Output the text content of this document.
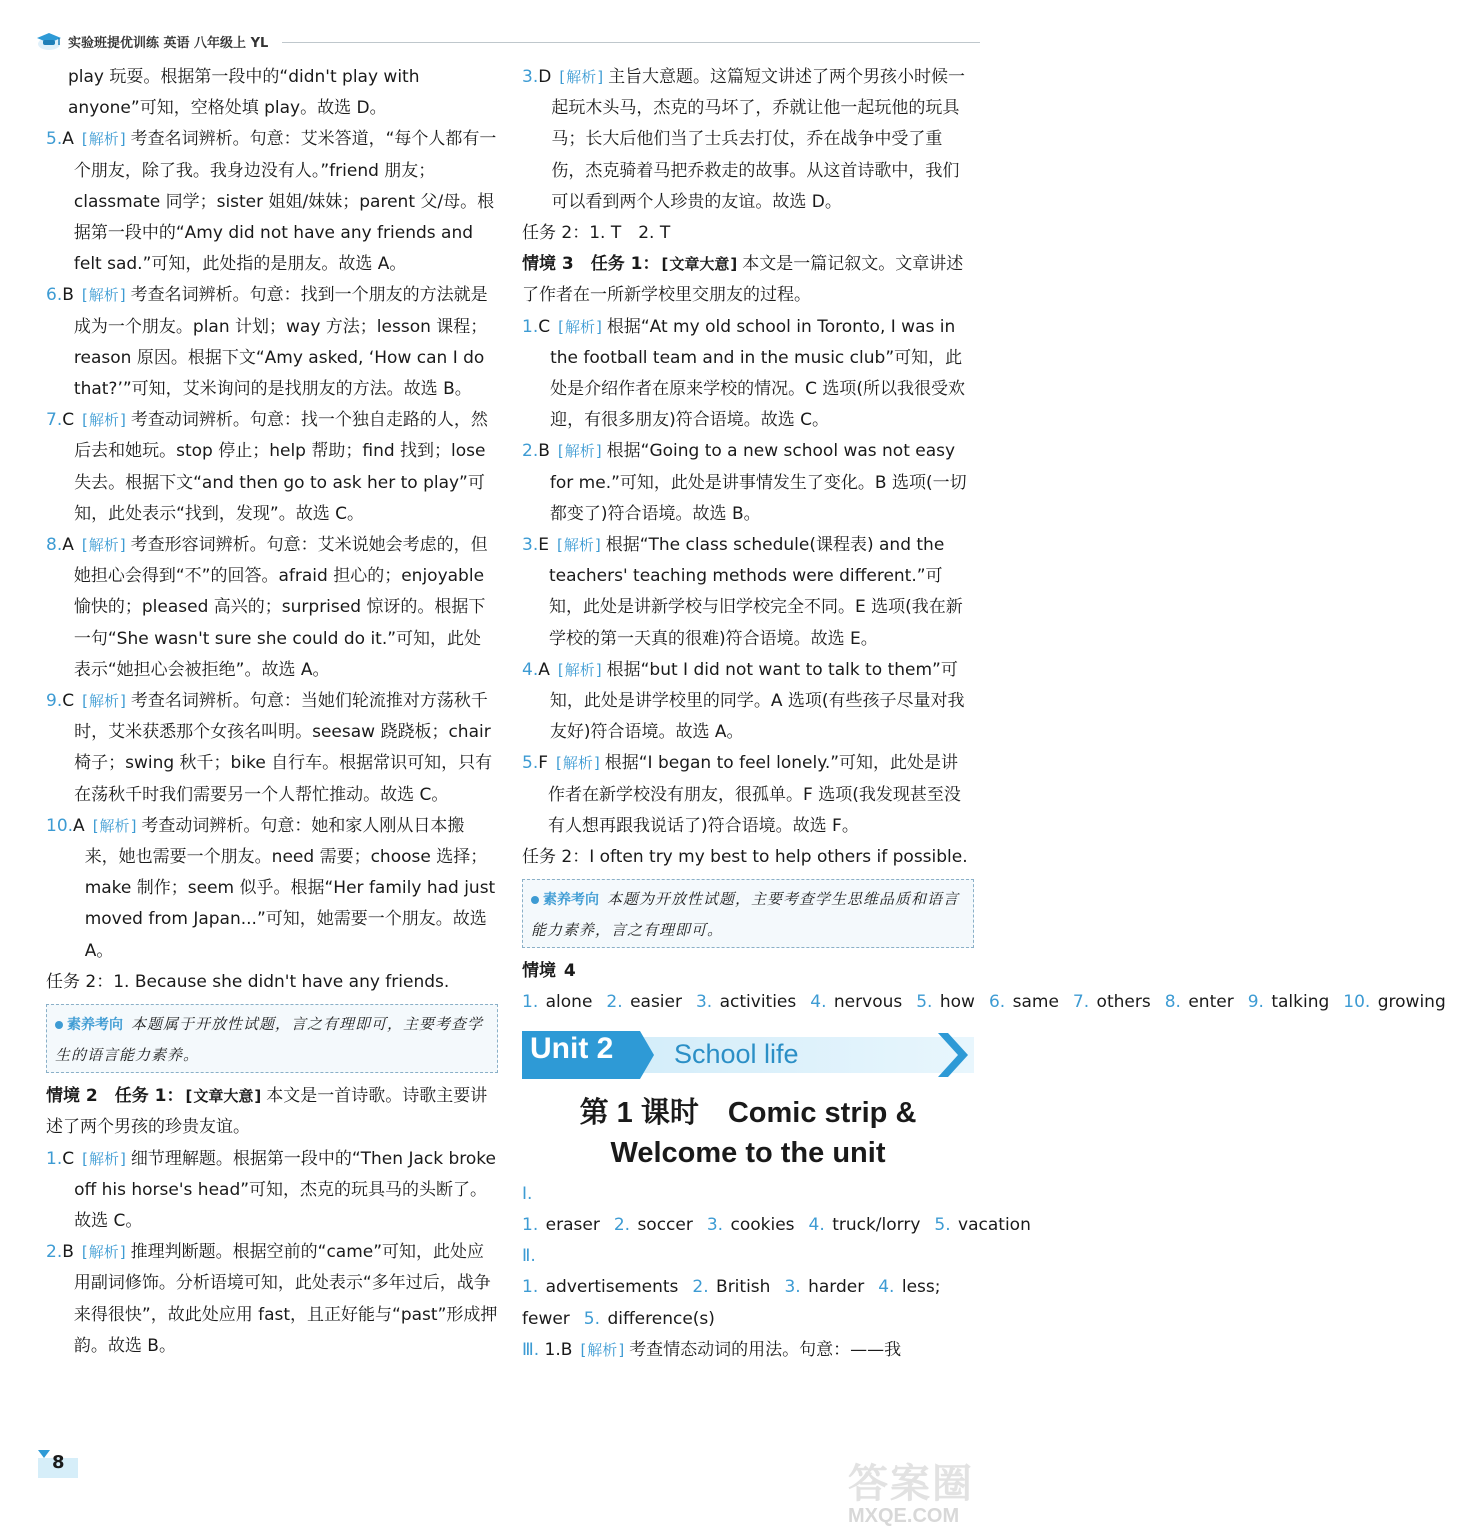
实验班提优训练 英语 八年级上 YL

play 玩耍。根据第一段中的“didn't play with anyone”可知，空格处填 play。故选 D。

5.A [ 解析 ] 考查名词辨析。句意：艾米答道，“每个人都有一个朋友，除了我。我身边没有人。”friend 朋友；classmate 同学；sister 姐姐/妹妹；parent 父/母。根据第一段中的“Amy did not have any friends and felt sad.”可知，此处指的是朋友。故选 A。
6.B [ 解析 ] 考查名词辨析。句意：找到一个朋友的方法就是成为一个朋友。plan 计划；way 方法；lesson 课程；reason 原因。根据下文“Amy asked, ‘How can I do that?’”可知，艾米询问的是找朋友的方法。故选 B。
7.C [ 解析 ] 考查动词辨析。句意：找一个独自走路的人，然后去和她玩。stop 停止；help 帮助；find 找到；lose 失去。根据下文“and then go to ask her to play”可知，此处表示“找到，发现”。故选 C。
8.A [ 解析 ] 考查形容词辨析。句意：艾米说她会考虑的，但她担心会得到“不”的回答。afraid 担心的；enjoyable 愉快的；pleased 高兴的；surprised 惊讶的。根据下一句“She wasn't sure she could do it.”可知，此处表示“她担心会被拒绝”。故选 A。
9.C [ 解析 ] 考查名词辨析。句意：当她们轮流推对方荡秋千时，艾米获悉那个女孩名叫明。seesaw 跷跷板；chair 椅子；swing 秋千；bike 自行车。根据常识可知，只有在荡秋千时我们需要另一个人帮忙推动。故选 C。
10.A [ 解析 ] 考查动词辨析。句意：她和家人刚从日本搬来，她也需要一个朋友。need 需要；choose 选择；make 制作；seem 似乎。根据“Her family had just moved from Japan...”可知，她需要一个朋友。故选 A。

任务 2：1. Because she didn't have any friends.

素养考向 本题属于开放性试题，言之有理即可，主要考查学生的语言能力素养。

情境 2　任务 1： [ 文章大意 ] 本文是一首诗歌。诗歌主要讲述了两个男孩的珍贵友谊。

1.C [ 解析 ] 细节理解题。根据第一段中的“Then Jack broke off his horse's head”可知，杰克的玩具马的头断了。故选 C。
2.B [ 解析 ] 推理判断题。根据空前的“came”可知，此处应用副词修饰。分析语境可知，此处表示“多年过后，战争来得很快”，故此处应用 fast，且正好能与“past”形成押韵。故选 B。
3.D [ 解析 ] 主旨大意题。这篇短文讲述了两个男孩小时候一起玩木头马，杰克的马坏了，乔就让他一起玩他的玩具马；长大后他们当了士兵去打仗，乔在战争中受了重伤，杰克骑着马把乔救走的故事。从这首诗歌中，我们可以看到两个人珍贵的友谊。故选 D。

任务 2：1. T　2. T

情境 3　任务 1： [ 文章大意 ] 本文是一篇记叙文。文章讲述了作者在一所新学校里交朋友的过程。

1.C [ 解析 ] 根据“At my old school in Toronto, I was in the football team and in the music club”可知，此处是介绍作者在原来学校的情况。C 选项(所以我很受欢迎，有很多朋友)符合语境。故选 C。
2.B [ 解析 ] 根据“Going to a new school was not easy for me.”可知，此处是讲事情发生了变化。B 选项(一切都变了)符合语境。故选 B。
3.E [ 解析 ] 根据“The class schedule(课程表) and the teachers' teaching methods were different.”可知，此处是讲新学校与旧学校完全不同。E 选项(我在新学校的第一天真的很难)符合语境。故选 E。
4.A [ 解析 ] 根据“but I did not want to talk to them”可知，此处是讲学校里的同学。A 选项(有些孩子尽量对我友好)符合语境。故选 A。
5.F [ 解析 ] 根据“I began to feel lonely.”可知，此处是讲作者在新学校没有朋友，很孤单。F 选项(我发现甚至没有人想再跟我说话了)符合语境。故选 F。

任务 2：I often try my best to help others if possible.

素养考向 本题为开放性试题，主要考查学生思维品质和语言能力素养，言之有理即可。

情境 4 1. alone 2. easier 3. activities 4. nervous 5. how 6. same 7. others 8. enter 9. talking 10. growing

Unit 2 School life
第 1 课时　Comic strip &
Welcome to the unit

Ⅰ. 1. eraser 2. soccer 3. cookies 4. truck/lorry 5. vacation

Ⅱ. 1. advertisements 2. British 3. harder 4. less; fewer 5. difference(s)

Ⅲ. 1.B [ 解析 ] 考查情态动词的用法。句意：——我
8	答案圈
MXQE.COM
